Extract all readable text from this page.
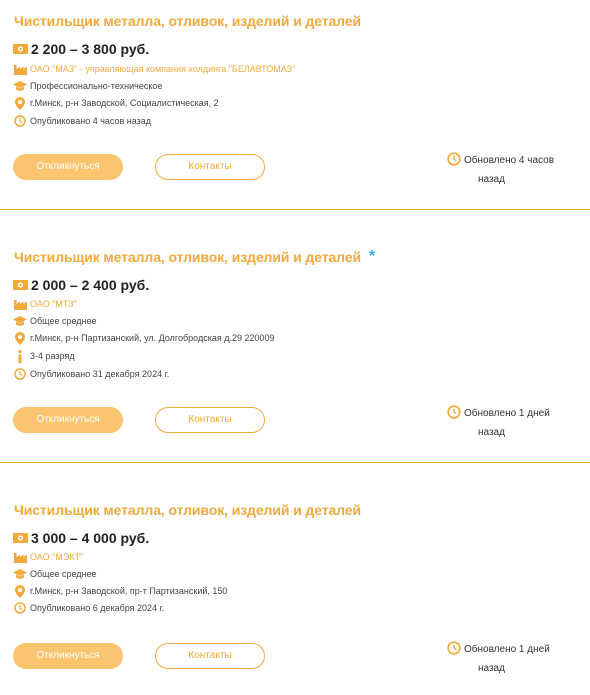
Чистильщик металла, отливок, изделий и деталей
2 200 – 3 800 руб.
ОАО "МАЗ" - управляющая компания холдинга "БЕЛАВТОМАЗ"
Профессионально-техническое
г.Минск, р-н Заводской, Социалистическая, 2
Опубликовано 4 часов назад
Откликнуться	Контакты
Обновлено 4 часов
назад
Чистильщик металла, отливок, изделий и деталей *
2 000 – 2 400 руб.
ОАО "МТЗ"
Общее среднее
г.Минск, р-н Партизанский, ул. Долгобродская д.29 220009
3-4 разряд
Опубликовано 31 декабря 2024 г.
Откликнуться	Контакты
Обновлено 1 дней
назад
Чистильщик металла, отливок, изделий и деталей
3 000 – 4 000 руб.
ОАО "МЭКТ"
Общее среднее
г.Минск, р-н Заводской, пр-т Партизанский, 150
Опубликовано 6 декабря 2024 г.
Откликнуться	Контакты
Обновлено 1 дней
назад
